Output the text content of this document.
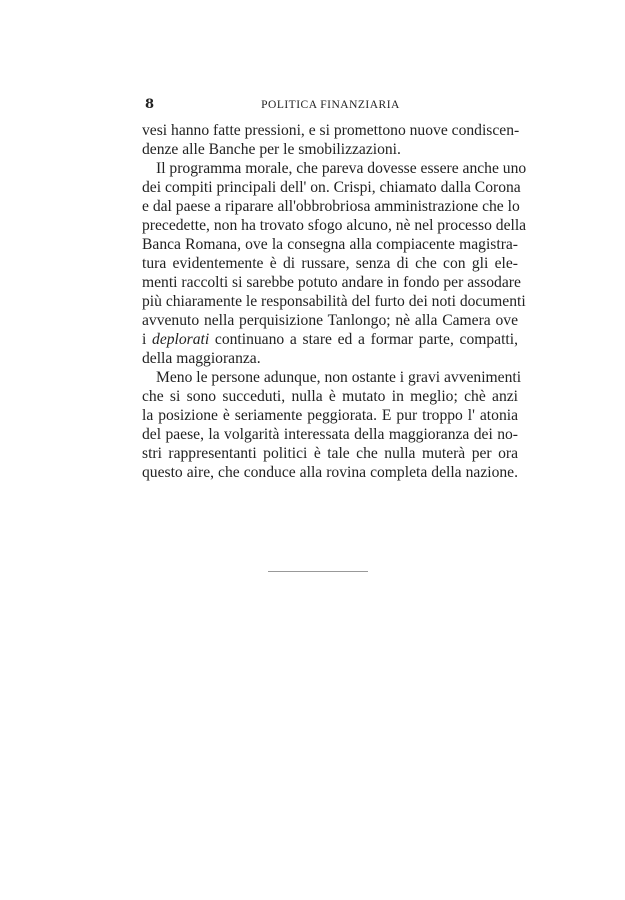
8	POLITICA FINANZIARIA
vesi hanno fatte pressioni, e si promettono nuove condiscen-
denze alle Banche per le smobilizzazioni.
Il programma morale, che pareva dovesse essere anche uno
dei compiti principali dell' on. Crispi, chiamato dalla Corona
e dal paese a riparare all'obbrobriosa amministrazione che lo
precedette, non ha trovato sfogo alcuno, nè nel processo della
Banca Romana, ove la consegna alla compiacente magistra-
tura evidentemente è di russare, senza di che con gli ele-
menti raccolti si sarebbe potuto andare in fondo per assodare
più chiaramente le responsabilità del furto dei noti documenti
avvenuto nella perquisizione Tanlongo; nè alla Camera ove
i deplorati continuano a stare ed a formar parte, compatti,
della maggioranza.
Meno le persone adunque, non ostante i gravi avvenimenti
che si sono succeduti, nulla è mutato in meglio; chè anzi
la posizione è seriamente peggiorata. E pur troppo l' atonia
del paese, la volgarità interessata della maggioranza dei no-
stri rappresentanti politici è tale che nulla muterà per ora
questo aire, che conduce alla rovina completa della nazione.
